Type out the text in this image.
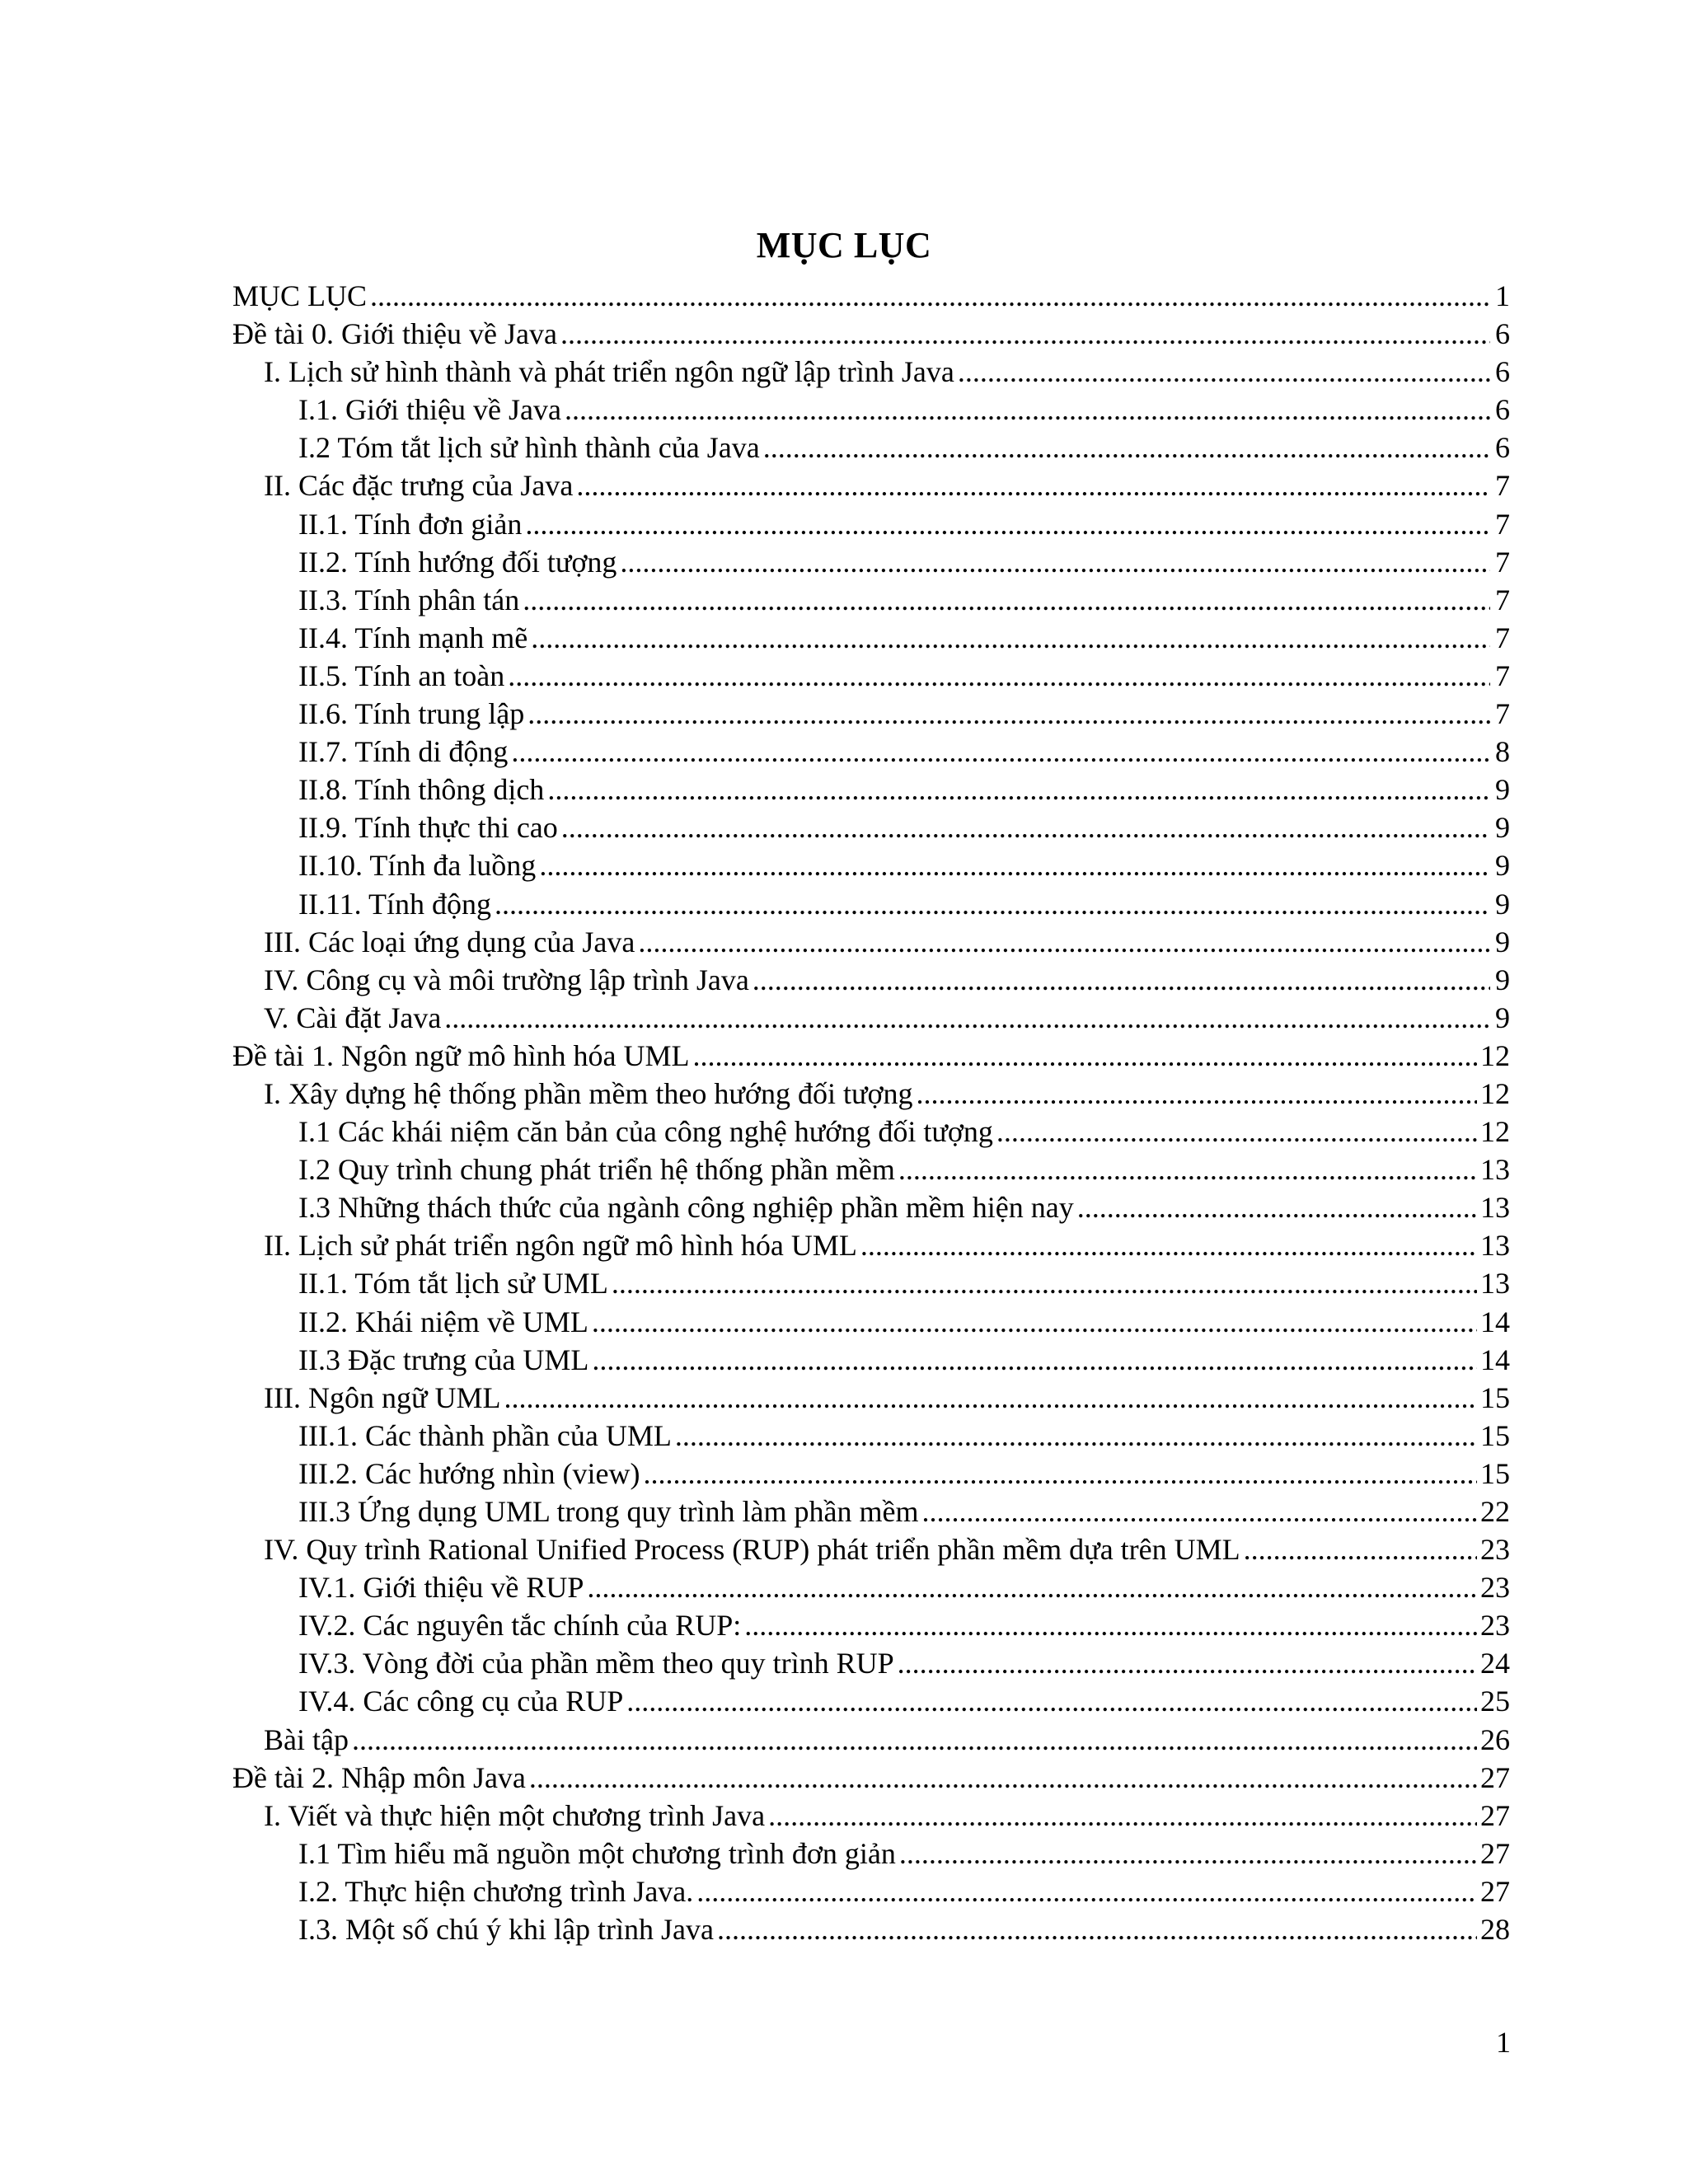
MỤC LỤC
MỤC LỤC .....	1
Đề tài 0. Giới thiệu về Java .....	6
I. Lịch sử hình thành và phát triển ngôn ngữ lập trình Java .....	6
I.1. Giới thiệu về Java .....	6
I.2 Tóm tắt lịch sử hình thành của Java .....	6
II. Các đặc trưng của Java .....	7
II.1. Tính đơn giản .....	7
II.2. Tính hướng đối tượng .....	7
II.3. Tính phân tán .....	7
II.4. Tính mạnh mẽ .....	7
II.5. Tính an toàn .....	7
II.6. Tính trung lập .....	7
II.7. Tính di động .....	8
II.8. Tính thông dịch .....	9
II.9. Tính thực thi cao .....	9
II.10. Tính đa luồng .....	9
II.11. Tính động .....	9
III. Các loại ứng dụng của Java .....	9
IV. Công cụ và môi trường lập trình Java .....	9
V. Cài đặt Java .....	9
Đề tài 1. Ngôn ngữ mô hình hóa UML .....	12
I. Xây dựng hệ thống phần mềm theo hướng đối tượng .....	12
I.1 Các khái niệm căn bản của công nghệ hướng đối tượng .....	12
I.2 Quy trình chung phát triển hệ thống phần mềm .....	13
I.3 Những thách thức của ngành công nghiệp phần mềm hiện nay .....	13
II. Lịch sử phát triển ngôn ngữ mô hình hóa UML .....	13
II.1. Tóm tắt lịch sử UML .....	13
II.2. Khái niệm về UML .....	14
II.3 Đặc trưng của UML .....	14
III. Ngôn ngữ UML .....	15
III.1. Các thành phần của UML .....	15
III.2. Các hướng nhìn (view) .....	15
III.3 Ứng dụng UML trong quy trình làm phần mềm .....	22
IV. Quy trình Rational Unified Process (RUP) phát triển phần mềm dựa trên UML .....	23
IV.1. Giới thiệu về RUP .....	23
IV.2. Các nguyên tắc chính của RUP: .....	23
IV.3. Vòng đời của phần mềm theo quy trình RUP .....	24
IV.4. Các công cụ của RUP .....	25
Bài tập .....	26
Đề tài 2. Nhập môn Java .....	27
I. Viết và thực hiện một chương trình Java .....	27
I.1 Tìm hiểu mã nguồn một chương trình đơn giản .....	27
I.2. Thực hiện chương trình Java. .....	27
I.3. Một số chú ý khi lập trình Java .....	28
1
